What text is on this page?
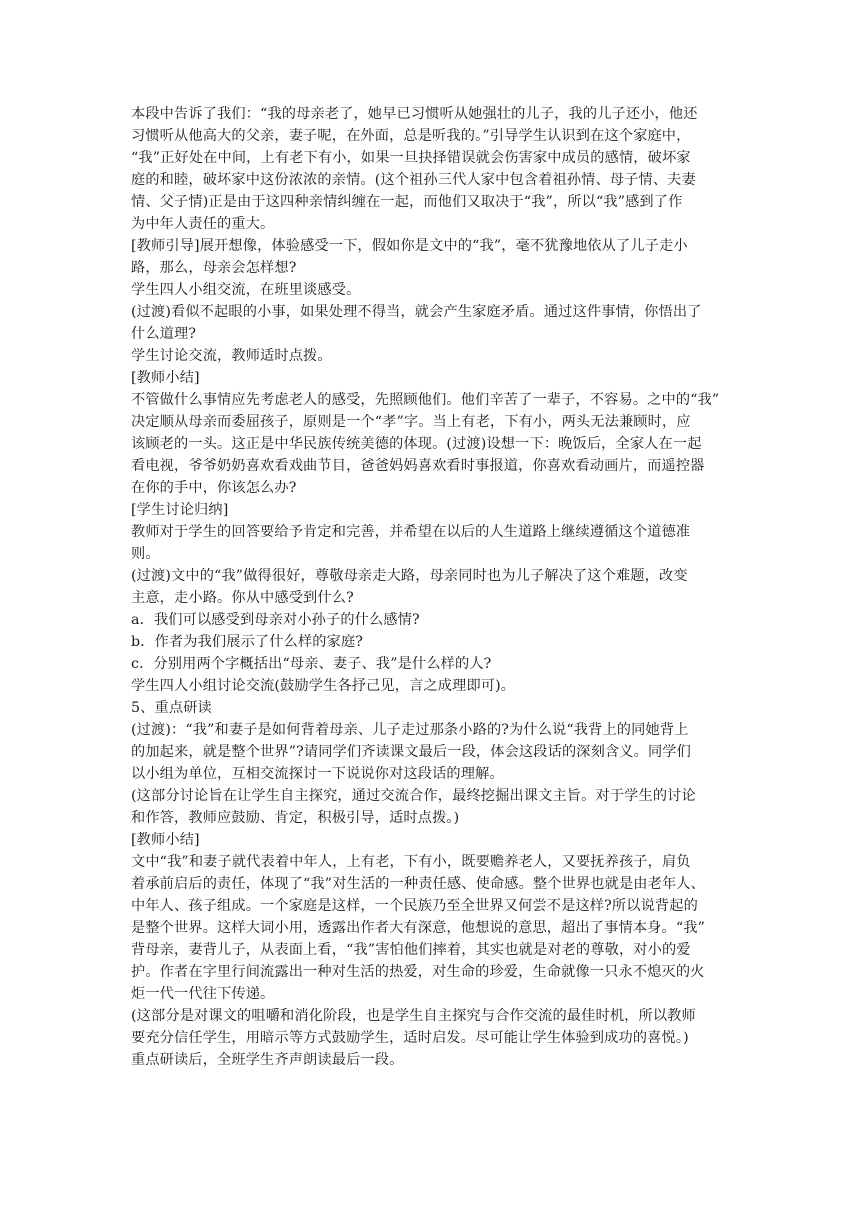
本段中告诉了我们：“我的母亲老了，她早已习惯听从她强壮的儿子，我的儿子还小，他还
习惯听从他高大的父亲，妻子呢，在外面，总是听我的。”引导学生认识到在这个家庭中，
“我”正好处在中间，上有老下有小，如果一旦抉择错误就会伤害家中成员的感情，破坏家
庭的和睦，破坏家中这份浓浓的亲情。(这个祖孙三代人家中包含着祖孙情、母子情、夫妻
情、父子情)正是由于这四种亲情纠缠在一起，而他们又取决于“我”，所以“我”感到了作
为中年人责任的重大。
[教师引导]展开想像，体验感受一下，假如你是文中的“我”，毫不犹豫地依从了儿子走小
路，那么，母亲会怎样想?
学生四人小组交流，在班里谈感受。
(过渡)看似不起眼的小事，如果处理不得当，就会产生家庭矛盾。通过这件事情，你悟出了
什么道理?
学生讨论交流，教师适时点拨。
[教师小结]
不管做什么事情应先考虑老人的感受，先照顾他们。他们辛苦了一辈子，不容易。之中的“我”
决定顺从母亲而委屈孩子，原则是一个“孝”字。当上有老，下有小，两头无法兼顾时，应
该顾老的一头。这正是中华民族传统美德的体现。(过渡)设想一下：晚饭后，全家人在一起
看电视，爷爷奶奶喜欢看戏曲节目，爸爸妈妈喜欢看时事报道，你喜欢看动画片，而遥控器
在你的手中，你该怎么办?
[学生讨论归纳]
教师对于学生的回答要给予肯定和完善，并希望在以后的人生道路上继续遵循这个道德准
则。
(过渡)文中的“我”做得很好，尊敬母亲走大路，母亲同时也为儿子解决了这个难题，改变
主意，走小路。你从中感受到什么?
a．我们可以感受到母亲对小孙子的什么感情?
b．作者为我们展示了什么样的家庭?
c．分别用两个字概括出“母亲、妻子、我”是什么样的人?
学生四人小组讨论交流(鼓励学生各抒己见，言之成理即可)。
5、重点研读
(过渡)：“我”和妻子是如何背着母亲、儿子走过那条小路的?为什么说“我背上的同她背上
的加起来，就是整个世界”?请同学们齐读课文最后一段，体会这段话的深刻含义。同学们
以小组为单位，互相交流探讨一下说说你对这段话的理解。
(这部分讨论旨在让学生自主探究，通过交流合作，最终挖掘出课文主旨。对于学生的讨论
和作答，教师应鼓励、肯定，积极引导，适时点拨。)
[教师小结]
文中“我”和妻子就代表着中年人，上有老，下有小，既要赡养老人，又要抚养孩子，肩负
着承前启后的责任，体现了“我”对生活的一种责任感、使命感。整个世界也就是由老年人、
中年人、孩子组成。一个家庭是这样，一个民族乃至全世界又何尝不是这样?所以说背起的
是整个世界。这样大词小用，透露出作者大有深意，他想说的意思，超出了事情本身。“我”
背母亲，妻背儿子，从表面上看，“我”害怕他们摔着，其实也就是对老的尊敬，对小的爱
护。作者在字里行间流露出一种对生活的热爱，对生命的珍爱，生命就像一只永不熄灭的火
炬一代一代往下传递。
(这部分是对课文的咀嚼和消化阶段，也是学生自主探究与合作交流的最佳时机，所以教师
要充分信任学生，用暗示等方式鼓励学生，适时启发。尽可能让学生体验到成功的喜悦。)
重点研读后，全班学生齐声朗读最后一段。
